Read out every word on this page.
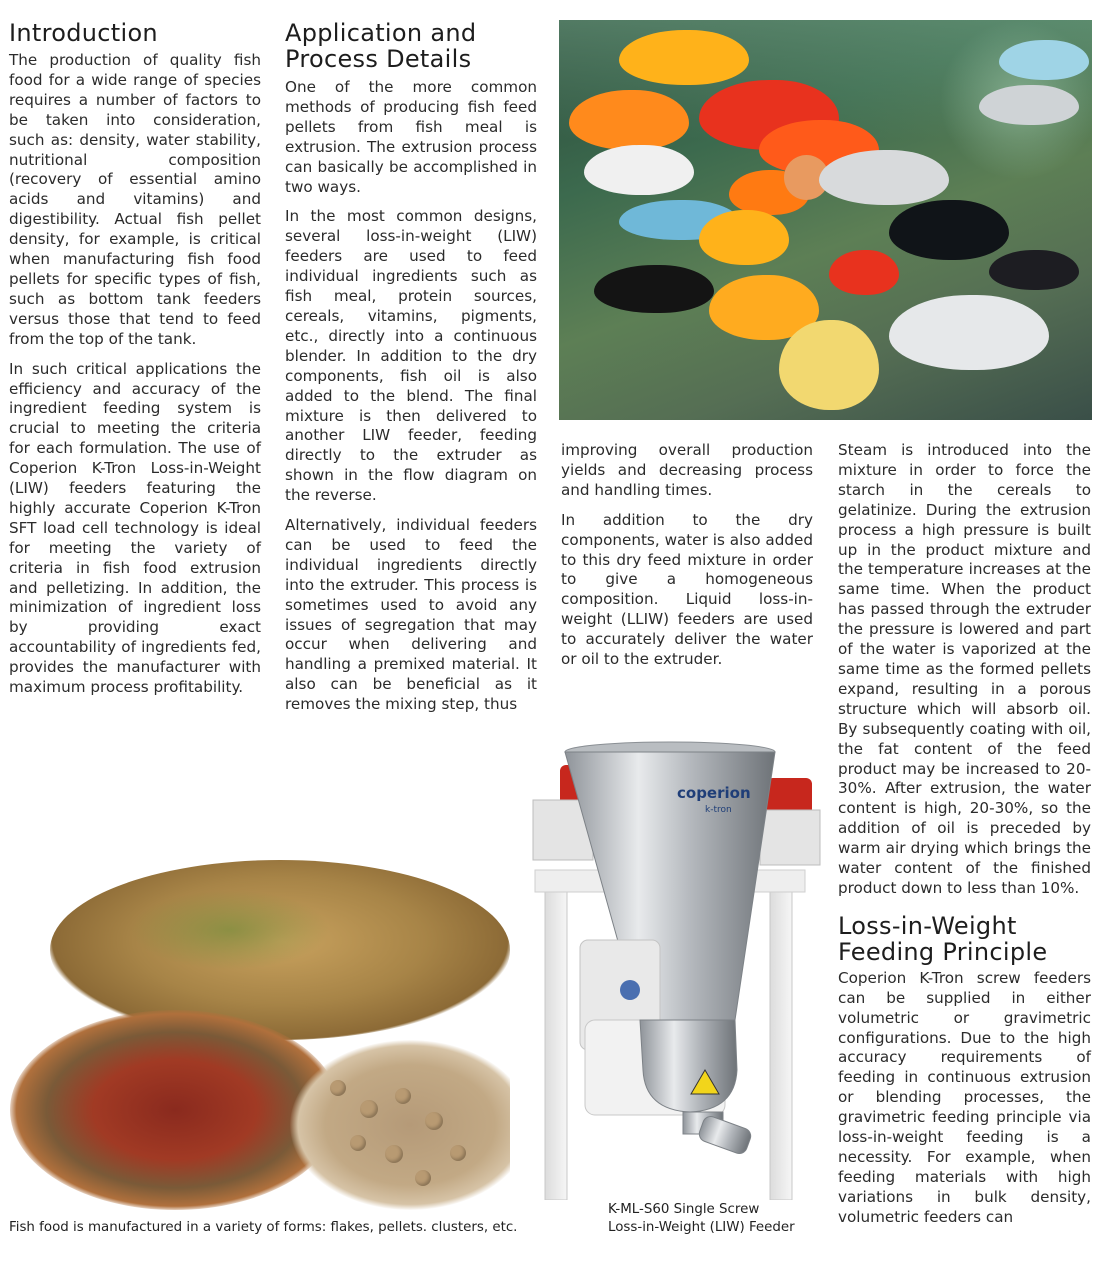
Introduction

The production of quality fish food for a wide range of species requires a number of factors to be taken into consideration, such as: density, water stability, nutritional composition (recovery of essential amino acids and vitamins) and digestibility. Actual fish pellet density, for example, is critical when manufacturing fish food pellets for specific types of fish, such as bottom tank feeders versus those that tend to feed from the top of the tank.

In such critical applications the efficiency and accuracy of the ingredient feeding system is crucial to meeting the criteria for each formulation. The use of Coperion K-Tron Loss-in-Weight (LIW) feeders featuring the highly accurate Coperion K-Tron SFT load cell technology is ideal for meeting the variety of criteria in fish food extrusion and pelletizing. In addition, the minimization of ingredient loss by providing exact accountability of ingredients fed, provides the manufacturer with maximum process profitability.

Application and
Process Details

One of the more common methods of producing fish feed pellets from fish meal is extrusion. The extrusion process can basically be accomplished in two ways.

In the most common designs, several loss-in-weight (LIW) feeders are used to feed individual ingredients such as fish meal, protein sources, cereals, vitamins, pigments, etc., directly into a continuous blender. In addition to the dry components, fish oil is also added to the blend. The final mixture is then delivered to another LIW feeder, feeding directly to the extruder as shown in the flow diagram on the reverse.

Alternatively, individual feeders can be used to feed the individual ingredients directly into the extruder. This process is sometimes used to avoid any issues of segregation that may occur when delivering and handling a premixed material. It also can be beneficial as it removes the mixing step, thus

improving overall production yields and decreasing process and handling times.

In addition to the dry components, water is also added to this dry feed mixture in order to give a homogeneous composition. Liquid loss-in-weight (LLIW) feeders are used to accurately deliver the water or oil to the extruder.

Steam is introduced into the mixture in order to force the starch in the cereals to gelatinize. During the extrusion process a high pressure is built up in the product mixture and the temperature increases at the same time. When the product has passed through the extruder the pressure is lowered and part of the water is vaporized at the same time as the formed pellets expand, resulting in a porous structure which will absorb oil. By subsequently coating with oil, the fat content of the feed product may be increased to 20-30%. After extrusion, the water content is high, 20-30%, so the addition of oil is preceded by warm air drying which brings the water content of the finished product down to less than 10%.

Loss-in-Weight
Feeding Principle

Coperion K-Tron screw feeders can be supplied in either volumetric or gravimetric configurations. Due to the high accuracy requirements of feeding in continuous extrusion or blending processes, the gravimetric feeding principle via loss-in-weight feeding is a necessity. For example, when feeding materials with high variations in bulk density, volumetric feeders can

coperion
k-tron
Fish food is manufactured in a variety of forms: flakes, pellets. clusters, etc.
K-ML-S60 Single Screw
Loss-in-Weight (LIW) Feeder
